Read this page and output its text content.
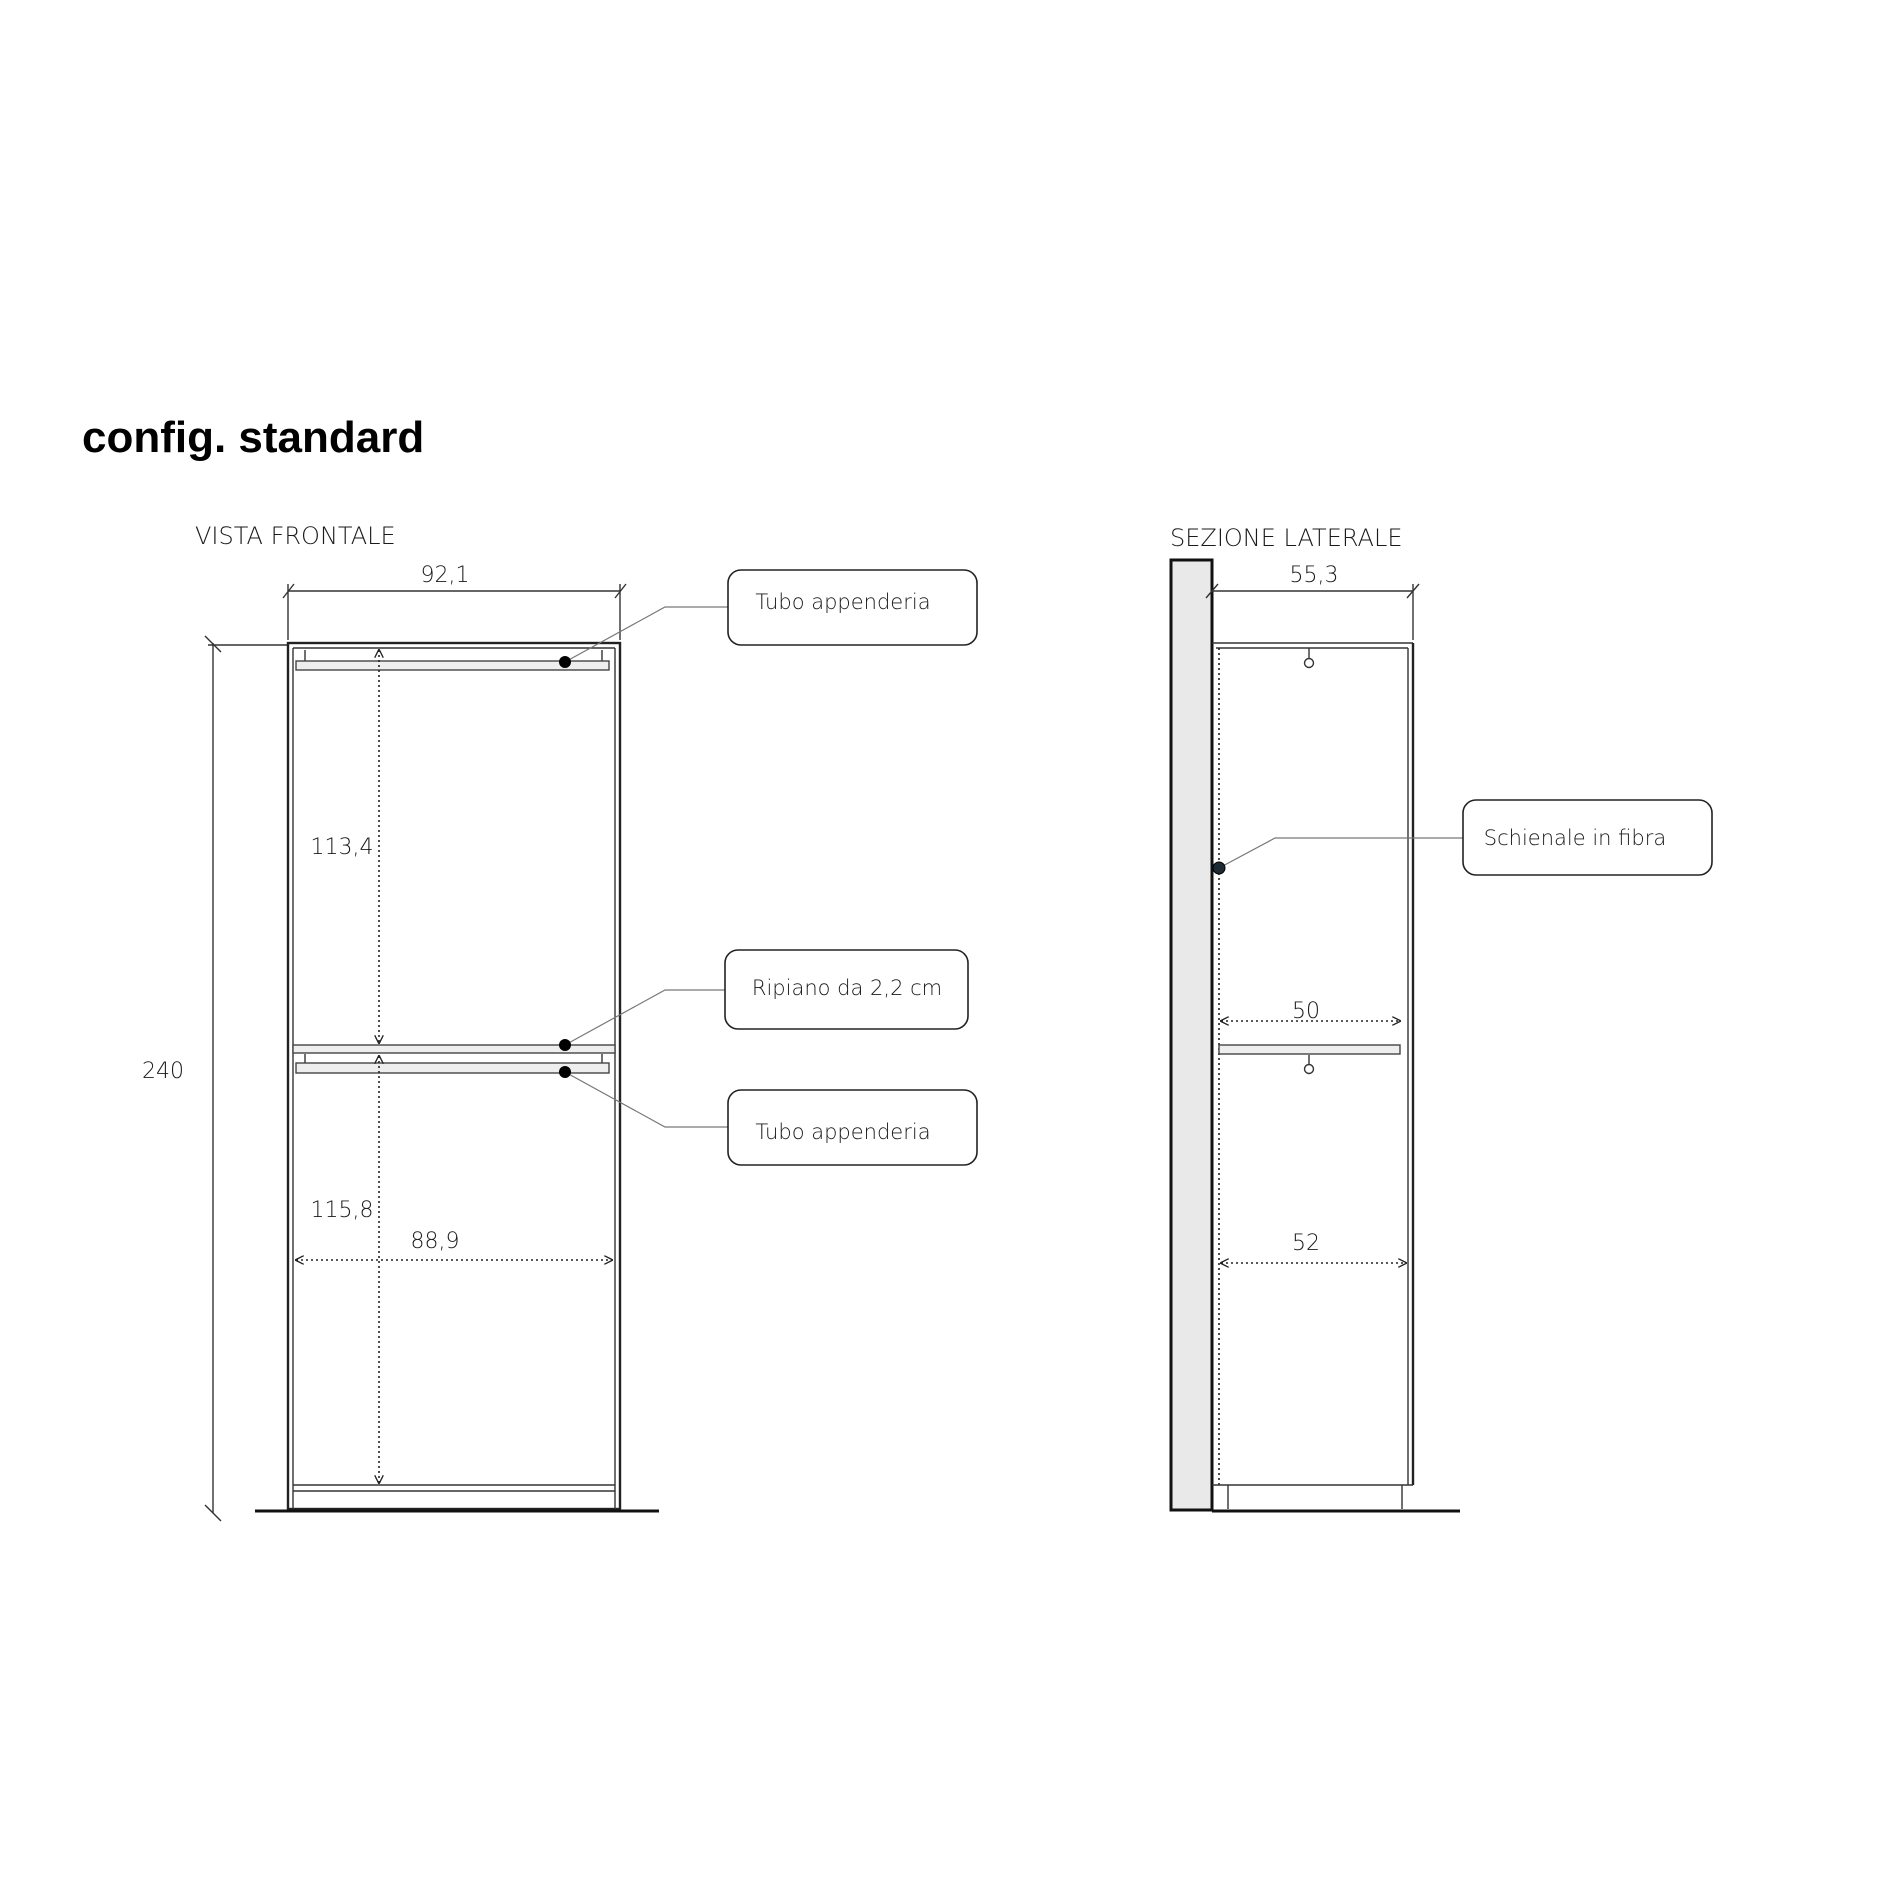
config. standard
VISTA FRONTALE
92,1
240
113,4
115,8
88,9
Tubo appenderia
Ripiano da 2,2 cm
Tubo appenderia
SEZIONE LATERALE
55,3
50
52
Schienale in fibra
